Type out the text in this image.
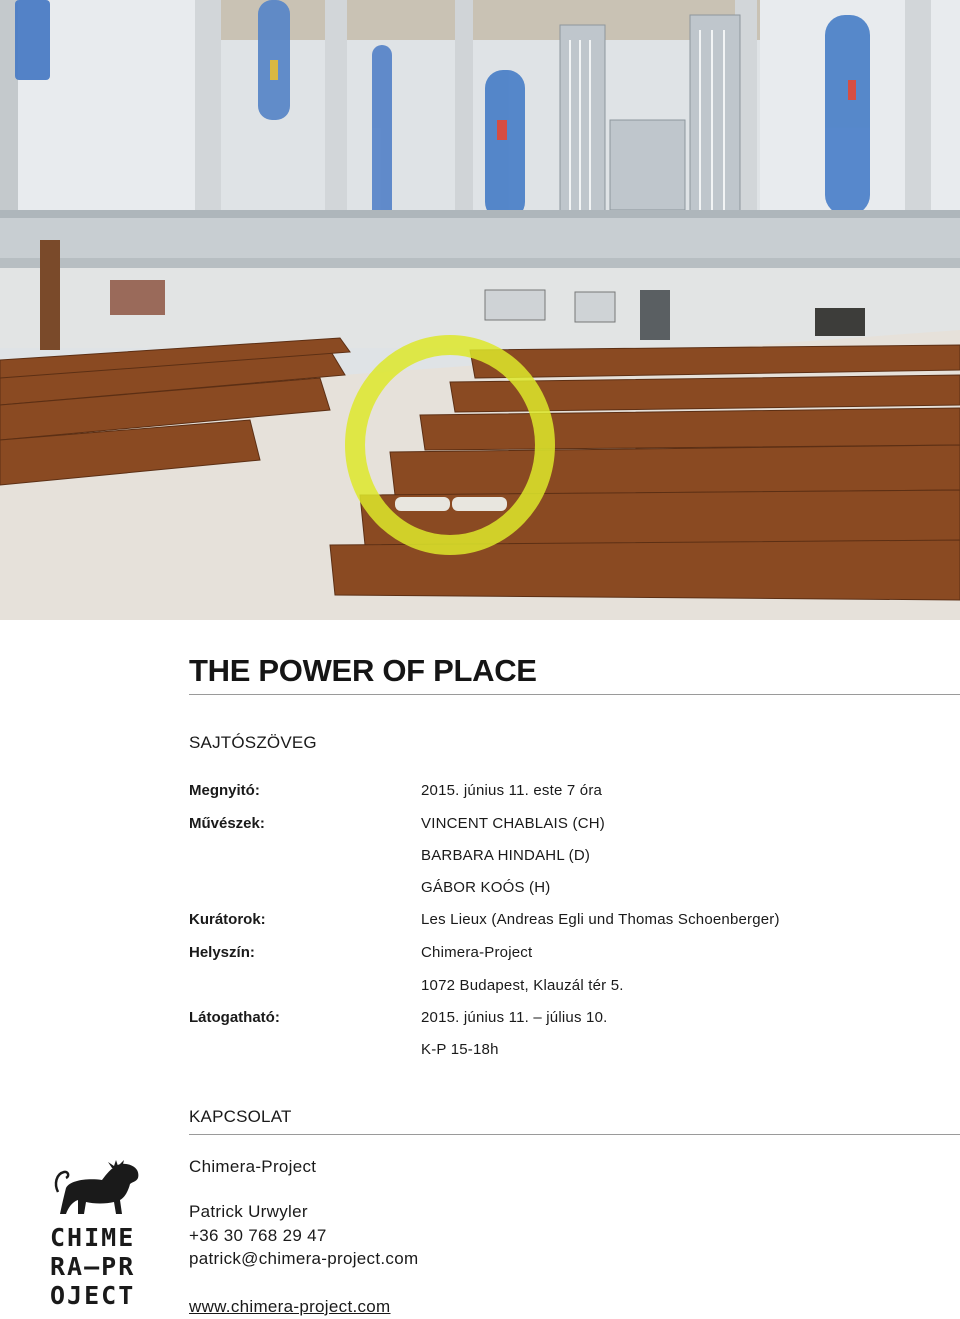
THE POWER OF PLACE
SAJTÓSZÖVEG
Megnyitó:	2015. június 11. este 7 óra
Művészek:	VINCENT CHABLAIS (CH)
BARBARA HINDAHL (D)
GÁBOR KOÓS (H)
Kurátorok:	Les Lieux (Andreas Egli und Thomas Schoenberger)
Helyszín:	Chimera-Project
1072 Budapest, Klauzál tér 5.
Látogatható:	2015. június 11. – július 10.
K-P 15-18h
KAPCSOLAT
Chimera-Project
Patrick Urwyler
+36 30 768 29 47
patrick@chimera-project.com
www.chimera-project.com
CHIME
RA–PR
OJECT
